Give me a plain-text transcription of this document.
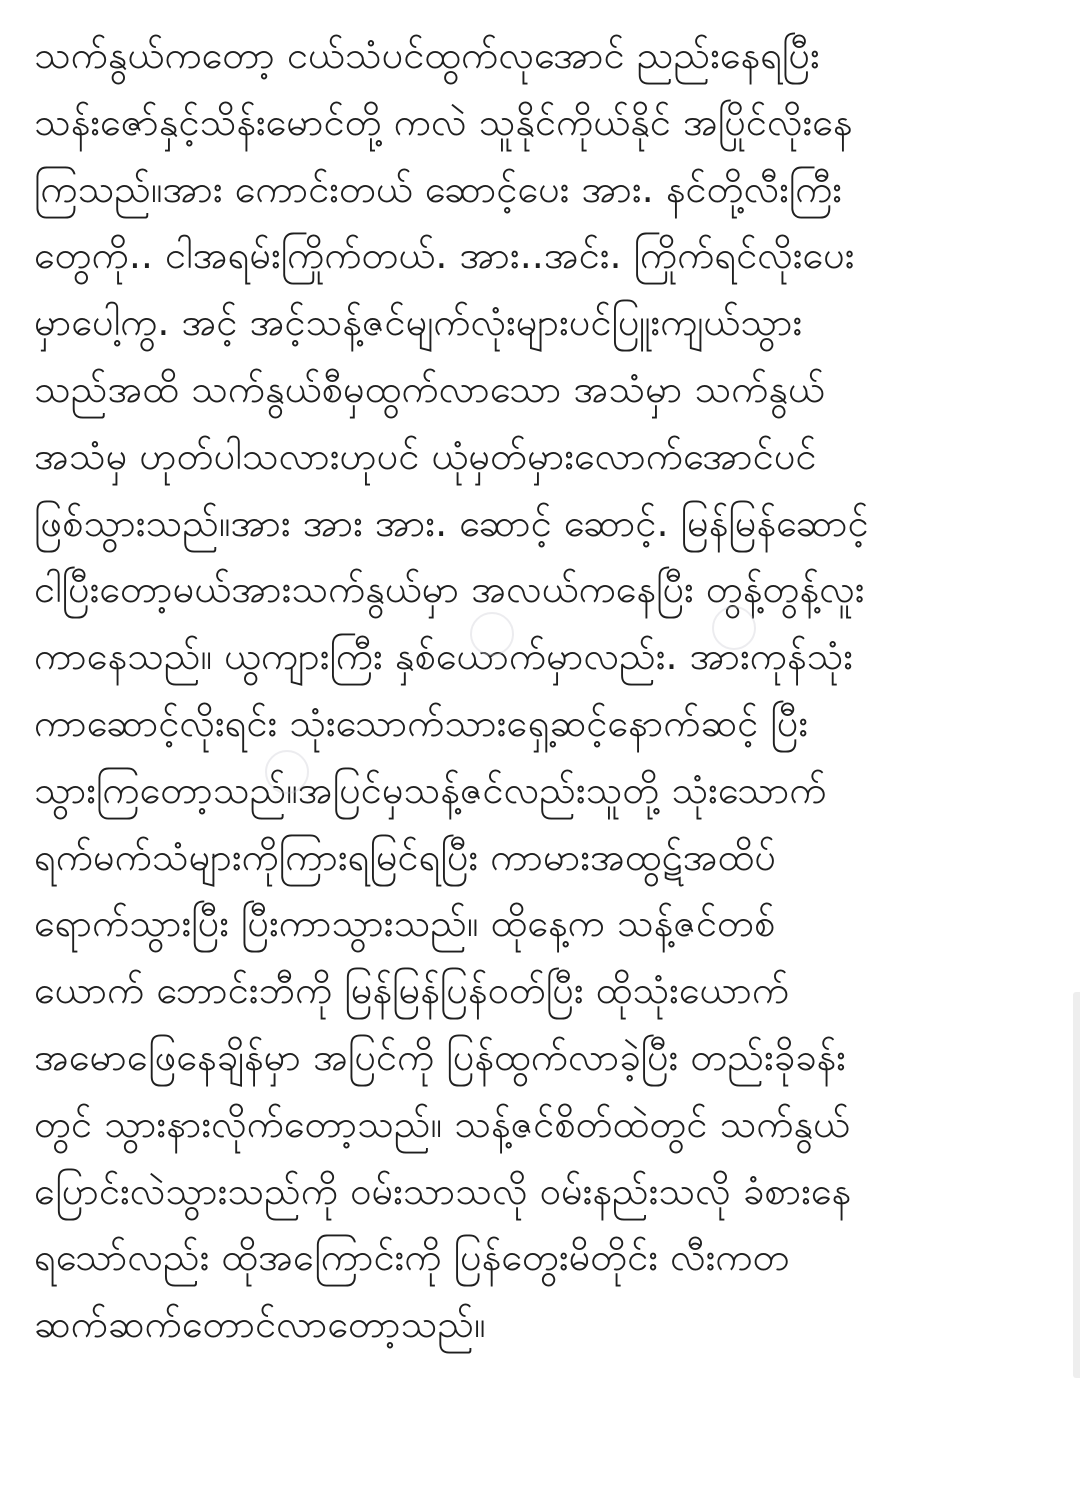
သက်နွယ်ကတော့ ငယ်သံပင်ထွက်လုအောင် ညည်းနေရပြီး
သန်းဇော်နှင့်သိန်းမောင်တို့ ကလဲ သူနိုင်ကိုယ်နိုင် အပြိုင်လိုးနေ
ကြသည်။အား ကောင်းတယ် ဆောင့်ပေး အား. နင်တို့လီးကြီး
တွေကို.. ငါအရမ်းကြိုက်တယ်. အား..အင်း. ကြိုက်ရင်လိုးပေး
မှာပေါ့ကွ. အင့် အင့်သန့်ဇင်မျက်လုံးများပင်ပြူးကျယ်သွား
သည်အထိ သက်နွယ်စီမှထွက်လာသော အသံမှာ သက်နွယ်
အသံမှ ဟုတ်ပါသလားဟုပင် ယုံမှတ်မှားလောက်အောင်ပင်
ဖြစ်သွားသည်။အား အား အား. ဆောင့် ဆောင့်. မြန်မြန်ဆောင့်
ငါပြီးတော့မယ်အားသက်နွယ်မှာ အလယ်ကနေပြီး တွန့်တွန့်လူး
ကာနေသည်။ ယွကျားကြီး နှစ်ယောက်မှာလည်း. အားကုန်သုံး
ကာဆောင့်လိုးရင်း သုံးသောက်သားရှေ့ဆင့်နောက်ဆင့် ပြီး
သွားကြတော့သည်။အပြင်မှသန့်ဇင်လည်းသူတို့ သုံးသောက်
ရက်မက်သံများကိုကြားရမြင်ရပြီး ကာမားအထွဋ်အထိပ်
ရောက်သွားပြီး ပြီးကာသွားသည်။ ထိုနေ့က သန့်ဇင်တစ်
ယောက် ဘောင်းဘီကို မြန်မြန်ပြန်ဝတ်ပြီး ထိုသုံးယောက်
အမောဖြေနေချိန်မှာ အပြင်ကို ပြန်ထွက်လာခဲ့ပြီး တည်းခိုခန်း
တွင် သွားနားလိုက်တော့သည်။ သန့်ဇင်စိတ်ထဲတွင် သက်နွယ်
ပြောင်းလဲသွားသည်ကို ဝမ်းသာသလို ဝမ်းနည်းသလို ခံစားနေ
ရသော်လည်း ထိုအကြောင်းကို ပြန်တွေးမိတိုင်း လီးကတ
ဆက်ဆက်တောင်လာတော့သည်။
